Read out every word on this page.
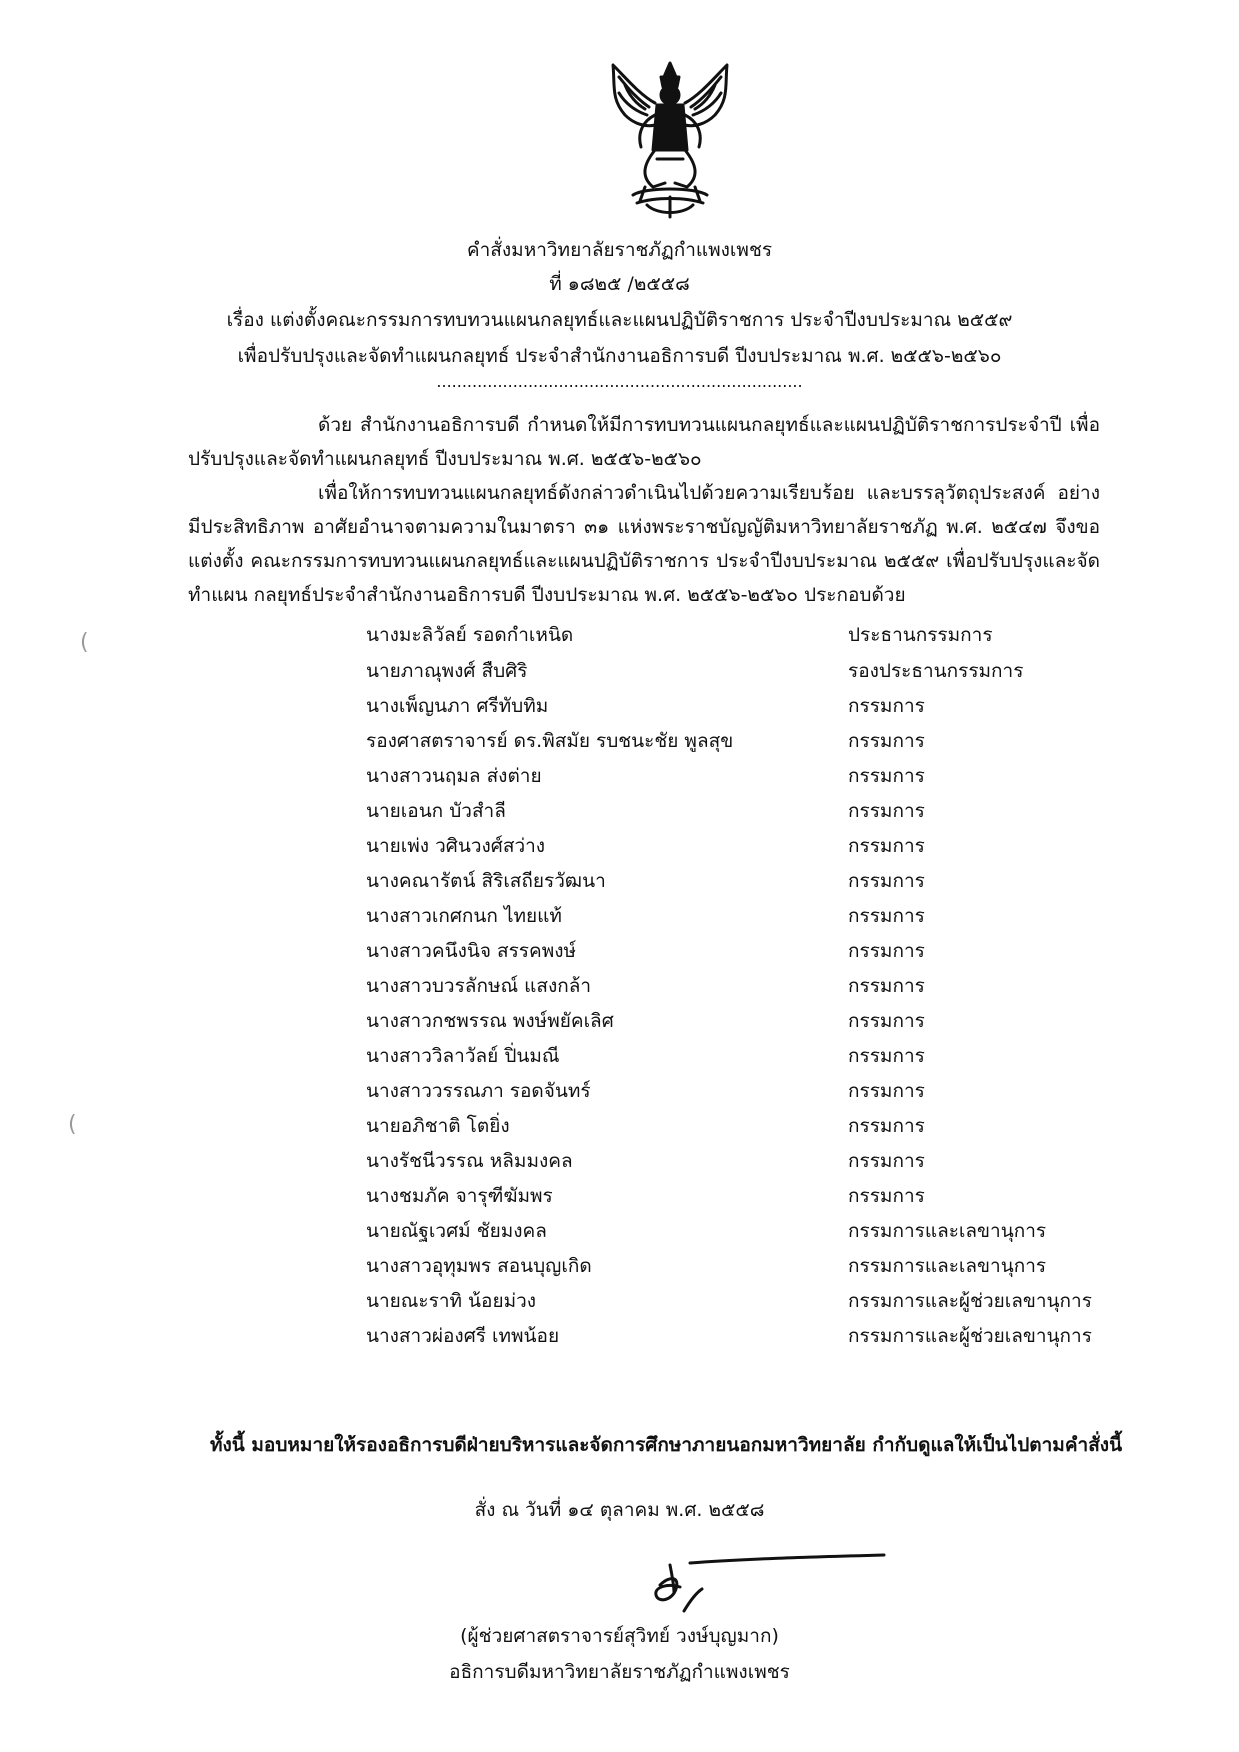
คำสั่งมหาวิทยาลัยราชภัฏกำแพงเพชร
ที่ ๑๘๒๕ /๒๕๕๘
เรื่อง แต่งตั้งคณะกรรมการทบทวนแผนกลยุทธ์และแผนปฏิบัติราชการ ประจำปีงบประมาณ ๒๕๕๙
เพื่อปรับปรุงและจัดทำแผนกลยุทธ์ ประจำสำนักงานอธิการบดี ปีงบประมาณ พ.ศ. ๒๕๕๖-๒๕๖๐
........................................................................
ด้วย สำนักงานอธิการบดี กำหนดให้มีการทบทวนแผนกลยุทธ์และแผนปฏิบัติราชการประจำปี เพื่อปรับปรุงและจัดทำแผนกลยุทธ์ ปีงบประมาณ พ.ศ. ๒๕๕๖-๒๕๖๐
เพื่อให้การทบทวนแผนกลยุทธ์ดังกล่าวดำเนินไปด้วยความเรียบร้อย และบรรลุวัตถุประสงค์ อย่างมีประสิทธิภาพ อาศัยอำนาจตามความในมาตรา ๓๑ แห่งพระราชบัญญัติมหาวิทยาลัยราชภัฏ พ.ศ. ๒๕๔๗ จึงขอแต่งตั้ง คณะกรรมการทบทวนแผนกลยุทธ์และแผนปฏิบัติราชการ ประจำปีงบประมาณ ๒๕๕๙ เพื่อปรับปรุงและจัดทำแผน กลยุทธ์ประจำสำนักงานอธิการบดี ปีงบประมาณ พ.ศ. ๒๕๕๖-๒๕๖๐ ประกอบด้วย
นางมะลิวัลย์ รอดกำเหนิด	ประธานกรรมการ
นายภาณุพงศ์ สืบศิริ	รองประธานกรรมการ
นางเพ็ญนภา ศรีทับทิม	กรรมการ
รองศาสตราจารย์ ดร.พิสมัย รบชนะชัย พูลสุข	กรรมการ
นางสาวนฤมล ส่งต่าย	กรรมการ
นายเอนก บัวสำลี	กรรมการ
นายเพ่ง วศินวงศ์สว่าง	กรรมการ
นางคณารัตน์ สิริเสถียรวัฒนา	กรรมการ
นางสาวเกศกนก ไทยแท้	กรรมการ
นางสาวคนึงนิจ สรรคพงษ์	กรรมการ
นางสาวบวรลักษณ์ แสงกล้า	กรรมการ
นางสาวกชพรรณ พงษ์พยัคเลิศ	กรรมการ
นางสาววิลาวัลย์ ปิ่นมณี	กรรมการ
นางสาววรรณภา รอดจันทร์	กรรมการ
นายอภิชาติ โตยิ่ง	กรรมการ
นางรัชนีวรรณ หลิมมงคล	กรรมการ
นางชมภัค จารุฑีฆัมพร	กรรมการ
นายณัฐเวศม์ ชัยมงคล	กรรมการและเลขานุการ
นางสาวอุทุมพร สอนบุญเกิด	กรรมการและเลขานุการ
นายณะราทิ น้อยม่วง	กรรมการและผู้ช่วยเลขานุการ
นางสาวผ่องศรี เทพน้อย	กรรมการและผู้ช่วยเลขานุการ
ทั้งนี้ มอบหมายให้รองอธิการบดีฝ่ายบริหารและจัดการศึกษาภายนอกมหาวิทยาลัย กำกับดูแลให้เป็นไปตามคำสั่งนี้
สั่ง ณ วันที่ ๑๔ ตุลาคม พ.ศ. ๒๕๕๘
(ผู้ช่วยศาสตราจารย์สุวิทย์ วงษ์บุญมาก)
อธิการบดีมหาวิทยาลัยราชภัฏกำแพงเพชร
(
(
